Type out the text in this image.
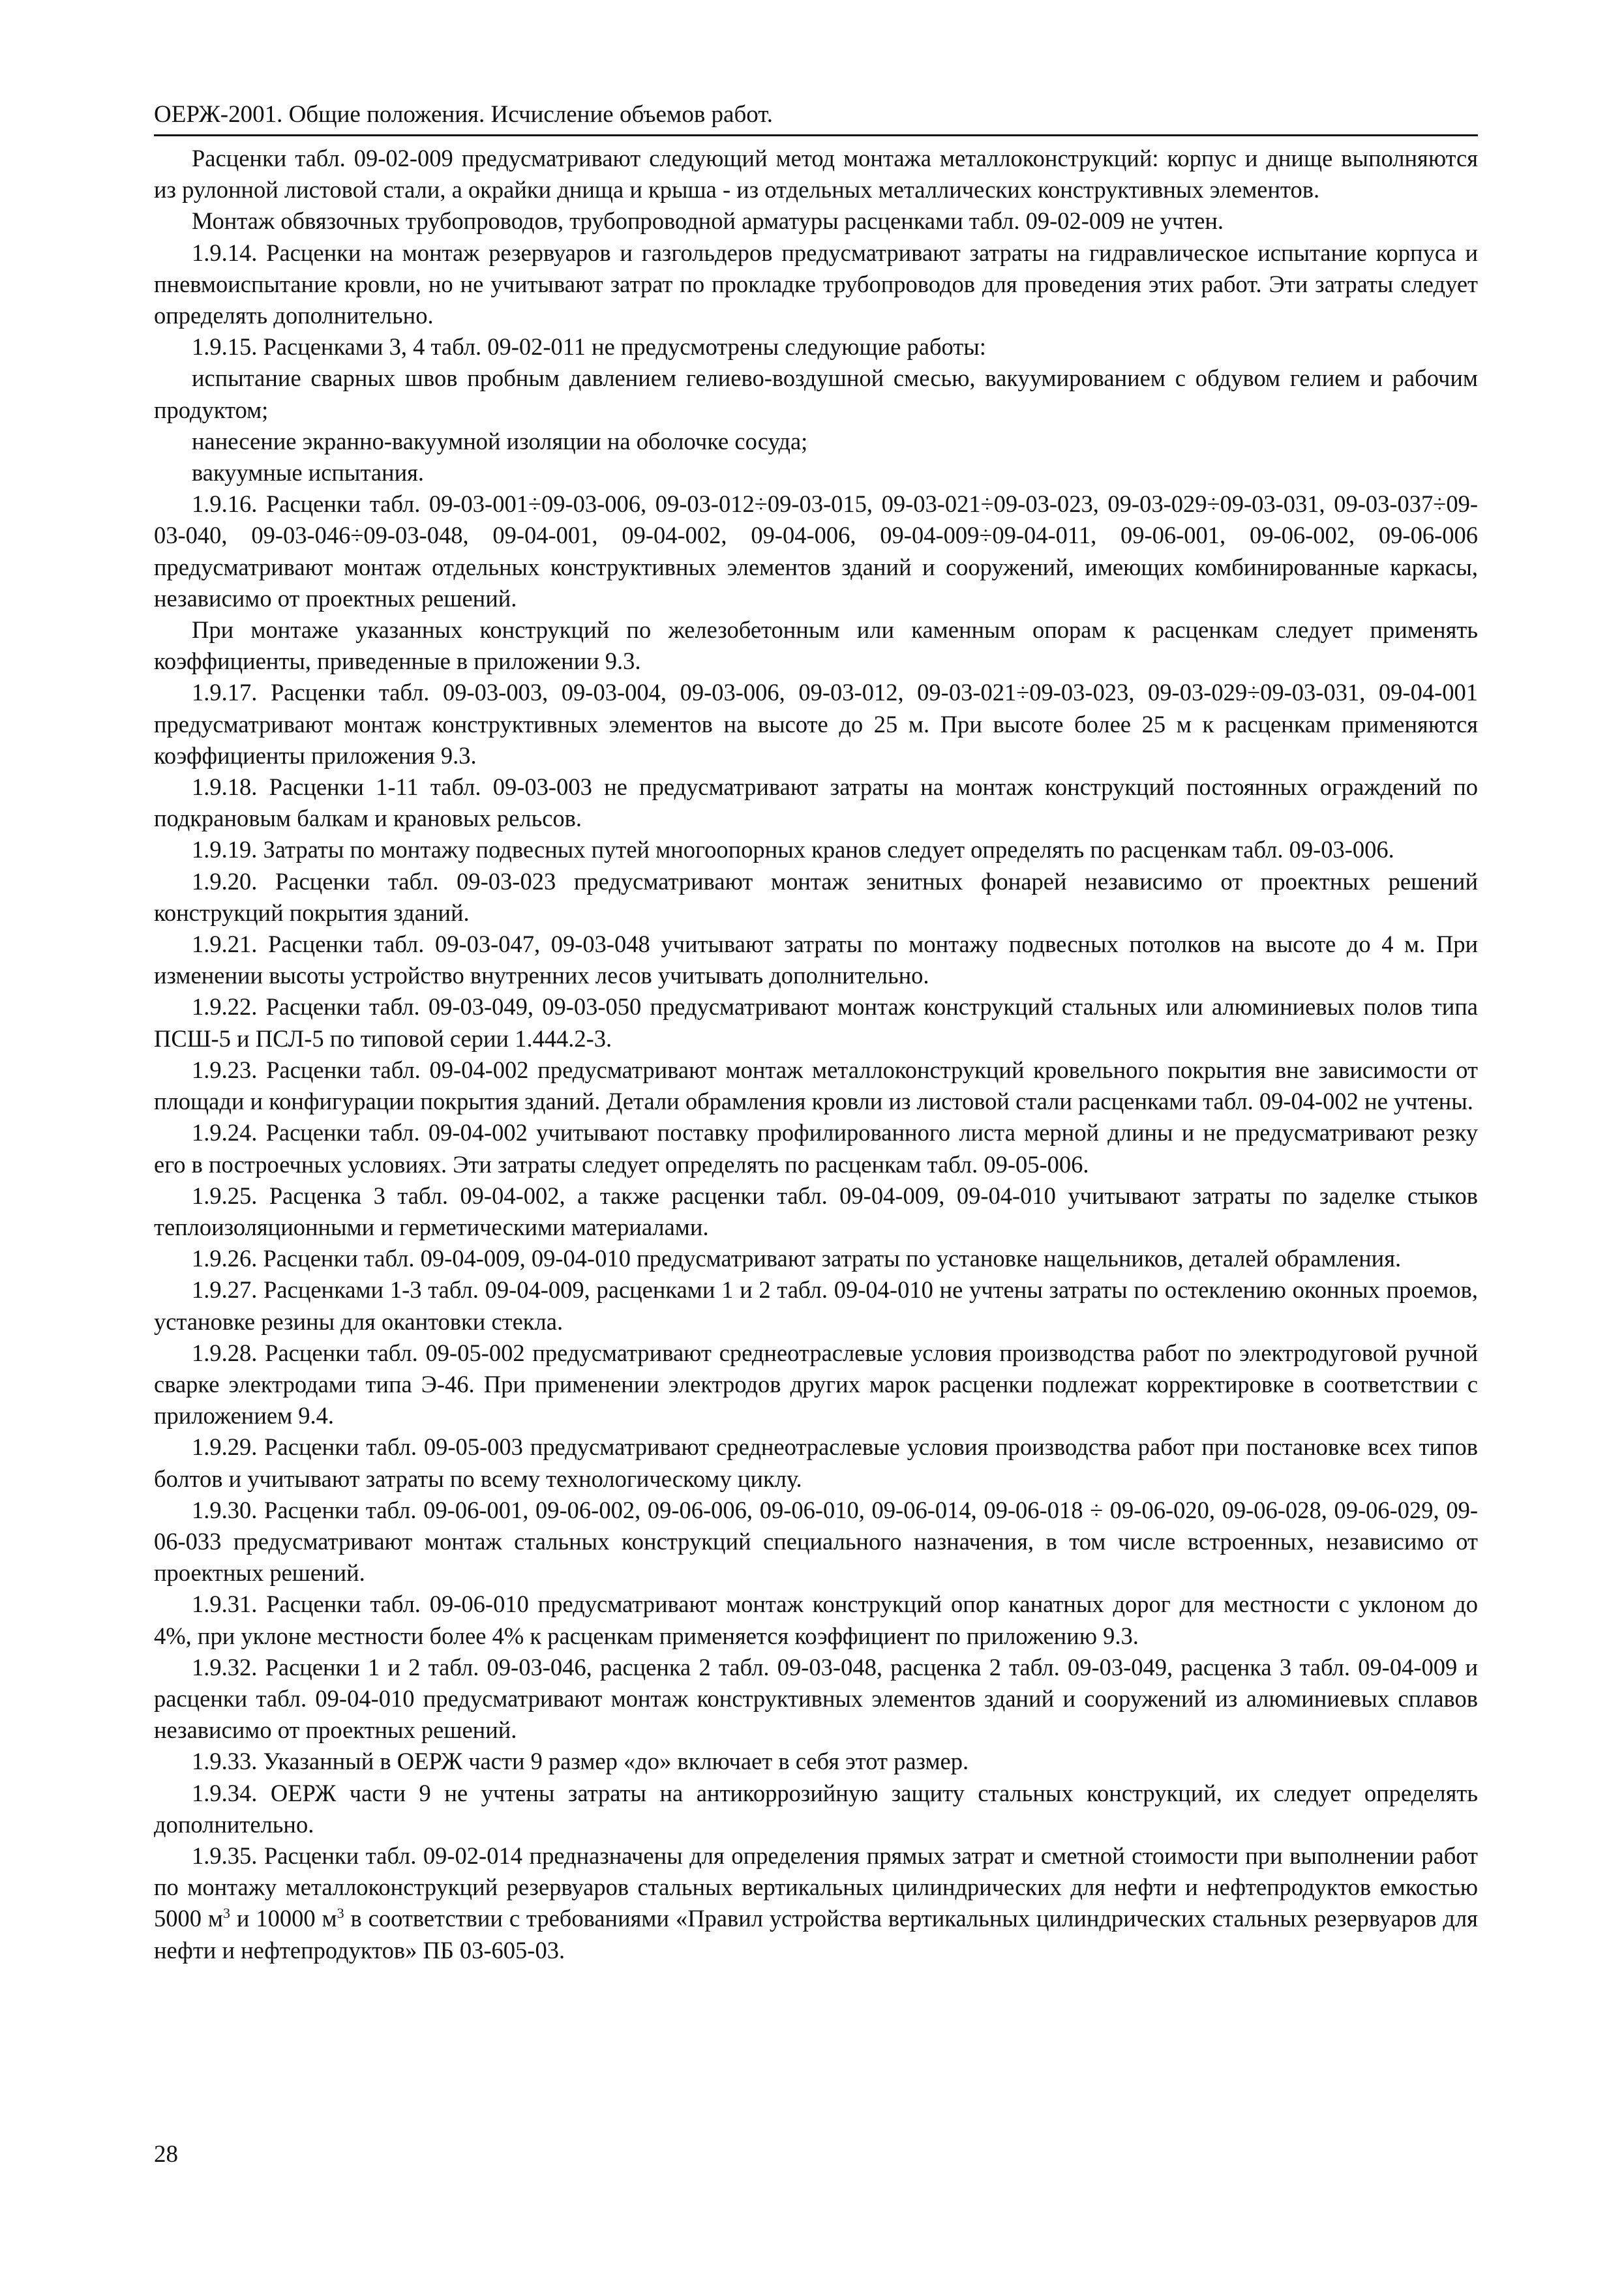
ОЕРЖ-2001. Общие положения. Исчисление объемов работ.

Расценки табл. 09-02-009 предусматривают следующий метод монтажа металлоконструкций: корпус и днище выполняются из рулонной листовой стали, а окрайки днища и крыша - из отдельных металлических конструктивных элементов.

Монтаж обвязочных трубопроводов, трубопроводной арматуры расценками табл. 09-02-009 не учтен.

1.9.14. Расценки на монтаж резервуаров и газгольдеров предусматривают затраты на гидравлическое испытание корпуса и пневмоиспытание кровли, но не учитывают затрат по прокладке трубопроводов для проведения этих работ. Эти затраты следует определять дополнительно.

1.9.15. Расценками 3, 4 табл. 09-02-011 не предусмотрены следующие работы:

испытание сварных швов пробным давлением гелиево-воздушной смесью, вакуумированием с обдувом гелием и рабочим продуктом;

нанесение экранно-вакуумной изоляции на оболочке сосуда;

вакуумные испытания.

1.9.16. Расценки табл. 09-03-001÷09-03-006, 09-03-012÷09-03-015, 09-03-021÷09-03-023, 09-03-029÷09-03-031, 09-03-037÷09-03-040, 09-03-046÷09-03-048, 09-04-001, 09-04-002, 09-04-006, 09-04-009÷09-04-011, 09-06-001, 09-06-002, 09-06-006 предусматривают монтаж отдельных конструктивных элементов зданий и сооружений, имеющих комбинированные каркасы, независимо от проектных решений.

При монтаже указанных конструкций по железобетонным или каменным опорам к расценкам следует применять коэффициенты, приведенные в приложении 9.3.

1.9.17. Расценки табл. 09-03-003, 09-03-004, 09-03-006, 09-03-012, 09-03-021÷09-03-023, 09-03-029÷09-03-031, 09-04-001 предусматривают монтаж конструктивных элементов на высоте до 25 м. При высоте более 25 м к расценкам применяются коэффициенты приложения 9.3.

1.9.18. Расценки 1-11 табл. 09-03-003 не предусматривают затраты на монтаж конструкций постоянных ограждений по подкрановым балкам и крановых рельсов.

1.9.19. Затраты по монтажу подвесных путей многоопорных кранов следует определять по расценкам табл. 09-03-006.

1.9.20. Расценки табл. 09-03-023 предусматривают монтаж зенитных фонарей независимо от проектных решений конструкций покрытия зданий.

1.9.21. Расценки табл. 09-03-047, 09-03-048 учитывают затраты по монтажу подвесных потолков на высоте до 4 м. При изменении высоты устройство внутренних лесов учитывать дополнительно.

1.9.22. Расценки табл. 09-03-049, 09-03-050 предусматривают монтаж конструкций стальных или алюминиевых полов типа ПСШ-5 и ПСЛ-5 по типовой серии 1.444.2-3.

1.9.23. Расценки табл. 09-04-002 предусматривают монтаж металлоконструкций кровельного покрытия вне зависимости от площади и конфигурации покрытия зданий. Детали обрамления кровли из листовой стали расценками табл. 09-04-002 не учтены.

1.9.24. Расценки табл. 09-04-002 учитывают поставку профилированного листа мерной длины и не предусматривают резку его в построечных условиях. Эти затраты следует определять по расценкам табл. 09-05-006.

1.9.25. Расценка 3 табл. 09-04-002, а также расценки табл. 09-04-009, 09-04-010 учитывают затраты по заделке стыков теплоизоляционными и герметическими материалами.

1.9.26. Расценки табл. 09-04-009, 09-04-010 предусматривают затраты по установке нащельников, деталей обрамления.

1.9.27. Расценками 1-3 табл. 09-04-009, расценками 1 и 2 табл. 09-04-010 не учтены затраты по остеклению оконных проемов, установке резины для окантовки стекла.

1.9.28. Расценки табл. 09-05-002 предусматривают среднеотраслевые условия производства работ по электродуговой ручной сварке электродами типа Э-46. При применении электродов других марок расценки подлежат корректировке в соответствии с приложением 9.4.

1.9.29. Расценки табл. 09-05-003 предусматривают среднеотраслевые условия производства работ при постановке всех типов болтов и учитывают затраты по всему технологическому циклу.

1.9.30. Расценки табл. 09-06-001, 09-06-002, 09-06-006, 09-06-010, 09-06-014, 09-06-018 ÷ 09-06-020, 09-06-028, 09-06-029, 09-06-033 предусматривают монтаж стальных конструкций специального назначения, в том числе встроенных, независимо от проектных решений.

1.9.31. Расценки табл. 09-06-010 предусматривают монтаж конструкций опор канатных дорог для местности с уклоном до 4%, при уклоне местности более 4% к расценкам применяется коэффициент по приложению 9.3.

1.9.32. Расценки 1 и 2 табл. 09-03-046, расценка 2 табл. 09-03-048, расценка 2 табл. 09-03-049, расценка 3 табл. 09-04-009 и расценки табл. 09-04-010 предусматривают монтаж конструктивных элементов зданий и сооружений из алюминиевых сплавов независимо от проектных решений.

1.9.33. Указанный в ОЕРЖ части 9 размер «до» включает в себя этот размер.

1.9.34. ОЕРЖ части 9 не учтены затраты на антикоррозийную защиту стальных конструкций, их следует определять дополнительно.

1.9.35. Расценки табл. 09-02-014 предназначены для определения прямых затрат и сметной стоимости при выполнении работ по монтажу металлоконструкций резервуаров стальных вертикальных цилиндрических для нефти и нефтепродуктов емкостью 5000 $м^3$ и 10000 $м^3$ в соответствии с требованиями «Правил устройства вертикальных цилиндрических стальных резервуаров для нефти и нефтепродуктов» ПБ 03-605-03.

28
